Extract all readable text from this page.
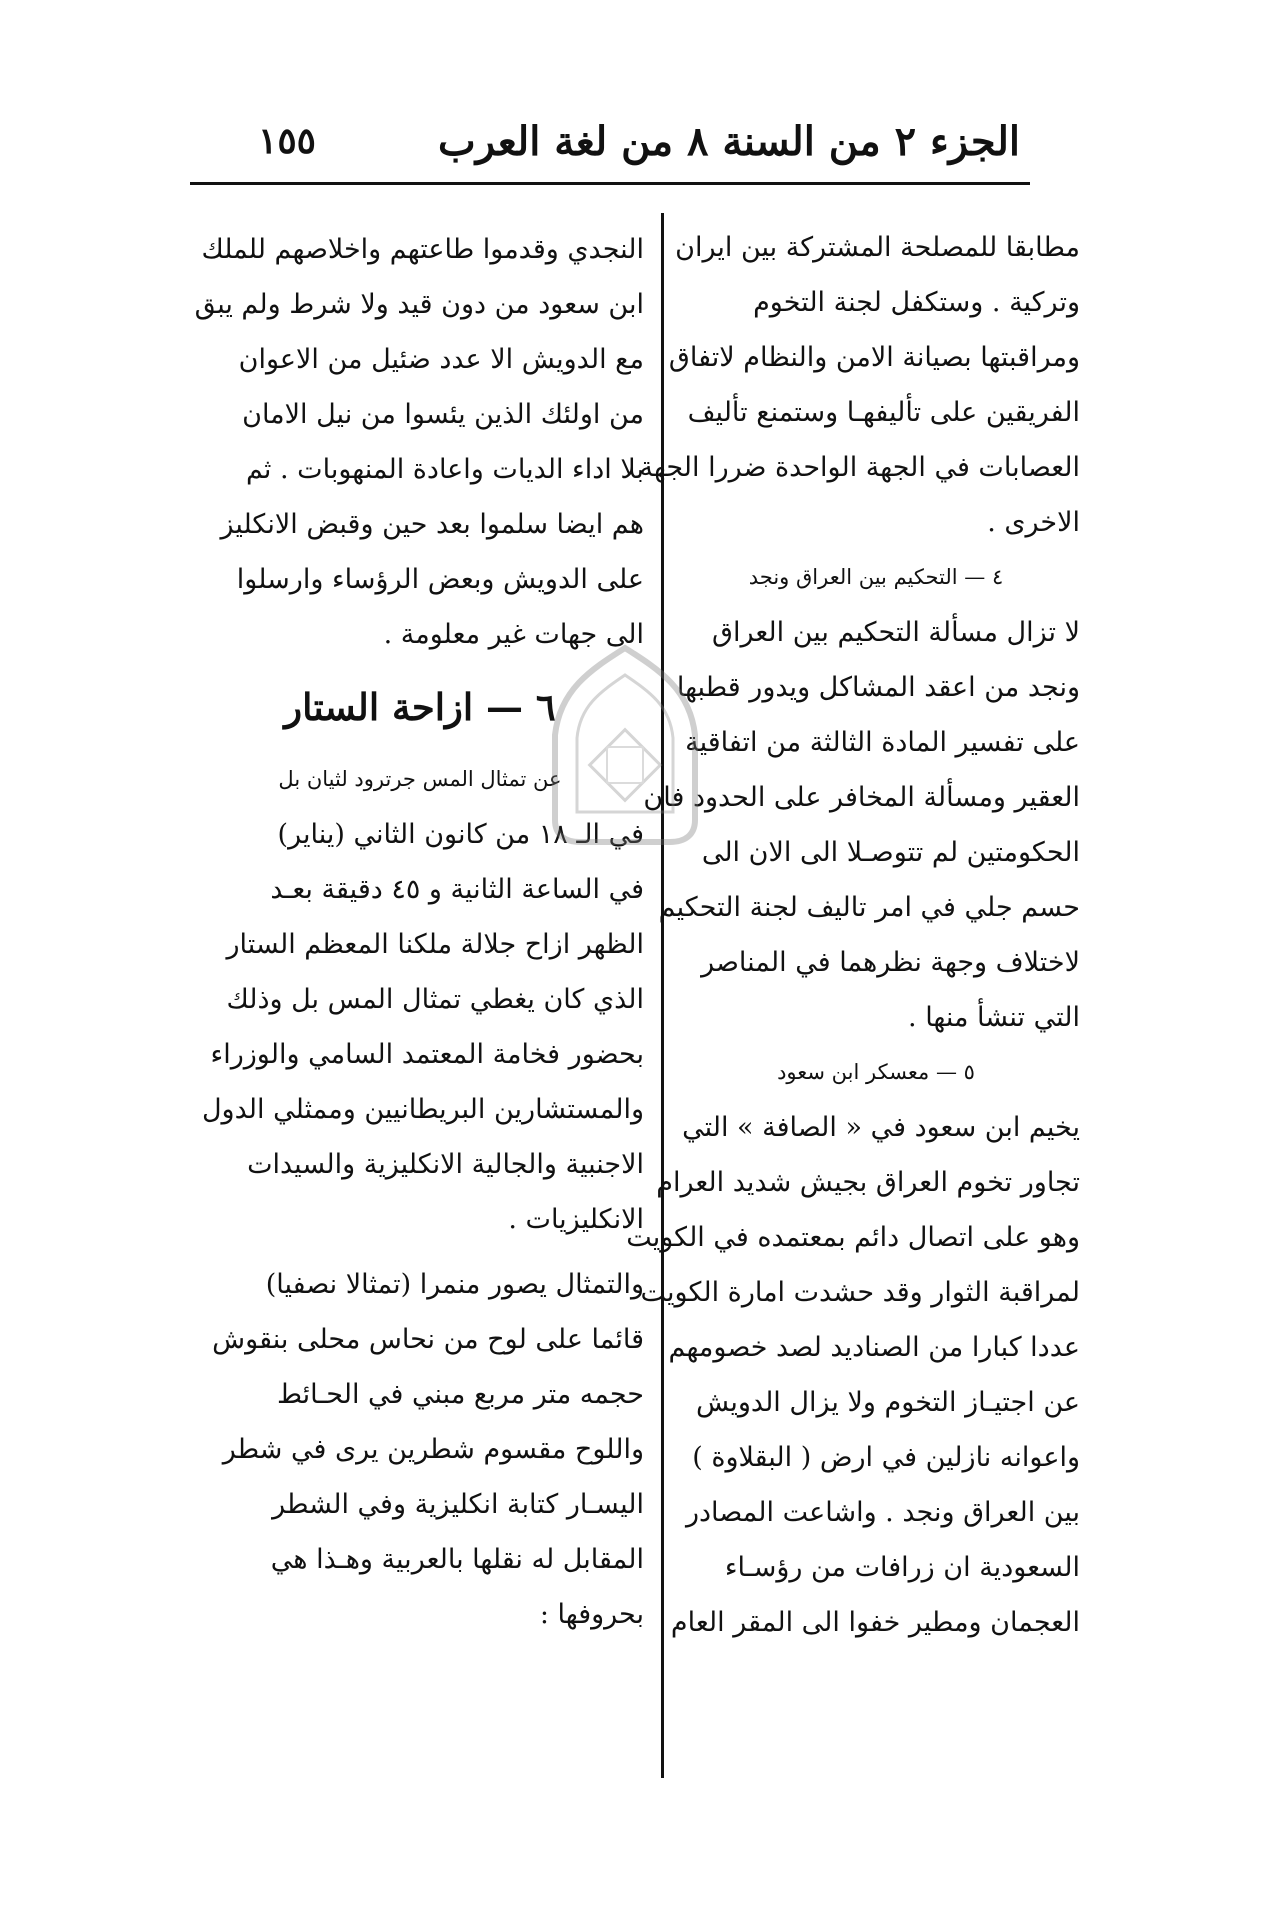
الجزء ٢ من السنة ٨ من لغة العرب
١٥٥
مطابقا للمصلحة المشتركة بين ايران
وتركية . وستكفل لجنة التخوم
ومراقبتها بصيانة الامن والنظام لاتفاق
الفريقين على تأليفهـا وستمنع تأليف
العصابات في الجهة الواحدة ضررا الجهة
الاخرى .
٤ — التحكيم بين العراق ونجد
لا تزال مسألة التحكيم بين العراق
ونجد من اعقد المشاكل ويدور قطبها
على تفسير المادة الثالثة من اتفاقية
العقير ومسألة المخافر على الحدود فان
الحكومتين لم تتوصـلا الى الان الى
حسم جلي في امر تاليف لجنة التحكيم
لاختلاف وجهة نظرهما في المناصر
التي تنشأ منها .
٥ — معسكر ابن سعود
يخيم ابن سعود في « الصافة » التي
تجاور تخوم العراق بجيش شديد العرام
وهو على اتصال دائم بمعتمده في الكويت
لمراقبة الثوار وقد حشدت امارة الكويت
عددا كبارا من الصناديد لصد خصومهم
عن اجتيـاز التخوم ولا يزال الدويش
واعوانه نازلين في ارض ( البقلاوة )
بين العراق ونجد . واشاعت المصادر
السعودية ان زرافات من رؤسـاء
العجمان ومطير خفوا الى المقر العام
النجدي وقدموا طاعتهم واخلاصهم للملك
ابن سعود من دون قيد ولا شرط ولم يبق
مع الدويش الا عدد ضئيل من الاعوان
من اولئك الذين يئسوا من نيل الامان
بلا اداء الديات واعادة المنهوبات . ثم
هم ايضا سلموا بعد حين وقبض الانكليز
على الدويش وبعض الرؤساء وارسلوا
الى جهات غير معلومة .
٦ — ازاحة الستار
عن تمثال المس جرترود لثيان بل
في الـ ١٨ من كانون الثاني (يناير)
في الساعة الثانية و ٤٥ دقيقة بعـد
الظهر ازاح جلالة ملكنا المعظم الستار
الذي كان يغطي تمثال المس بل وذلك
بحضور فخامة المعتمد السامي والوزراء
والمستشارين البريطانيين وممثلي الدول
الاجنبية والجالية الانكليزية والسيدات
الانكليزيات .
والتمثال يصور منمرا (تمثالا نصفيا)
قائما على لوح من نحاس محلى بنقوش
حجمه متر مربع مبني في الحـائط
واللوح مقسوم شطرين يرى في شطر
اليسـار كتابة انكليزية وفي الشطر
المقابل له نقلها بالعربية وهـذا هي
بحروفها :
